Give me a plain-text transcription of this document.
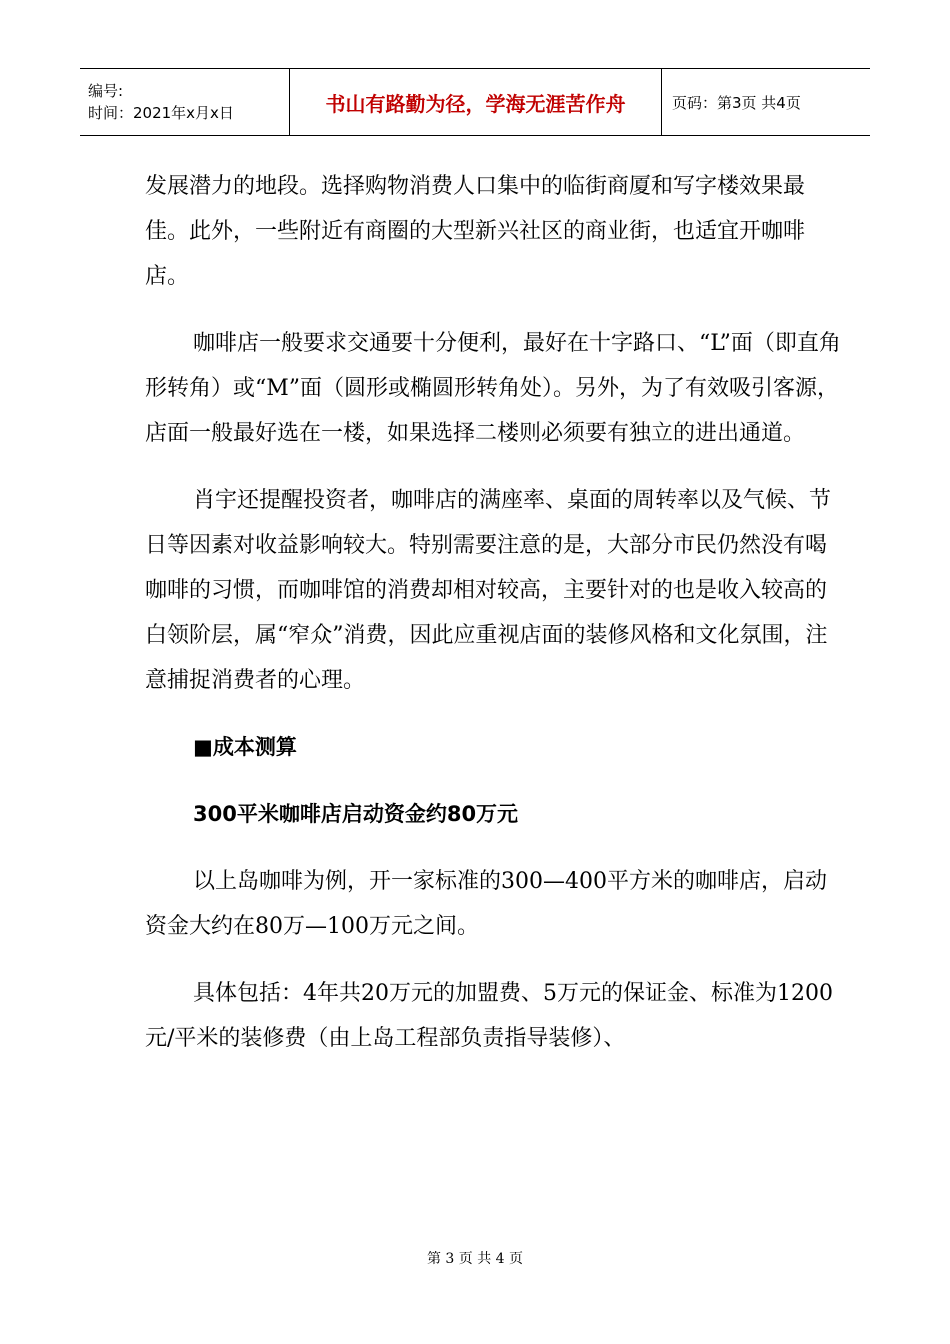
编号:
时间：2021年x月x日	书山有路勤为径，学海无涯苦作舟	页码：第3页 共4页

发展潜力的地段。选择购物消费人口集中的临街商厦和写字楼效果最佳。此外，一些附近有商圈的大型新兴社区的商业街，也适宜开咖啡店。

咖啡店一般要求交通要十分便利，最好在十字路口、“L”面（即直角形转角）或“M”面（圆形或椭圆形转角处）。另外，为了有效吸引客源，店面一般最好选在一楼，如果选择二楼则必须要有独立的进出通道。

肖宇还提醒投资者，咖啡店的满座率、桌面的周转率以及气候、节日等因素对收益影响较大。特别需要注意的是，大部分市民仍然没有喝咖啡的习惯，而咖啡馆的消费却相对较高，主要针对的也是收入较高的白领阶层，属“窄众”消费，因此应重视店面的装修风格和文化氛围，注意捕捉消费者的心理。

■成本测算
300平米咖啡店启动资金约80万元

以上岛咖啡为例，开一家标准的300—400平方米的咖啡店，启动资金大约在80万—100万元之间。

具体包括：4年共20万元的加盟费、5万元的保证金、标准为1200元/平米的装修费（由上岛工程部负责指导装修）、

第 3 页 共 4 页
